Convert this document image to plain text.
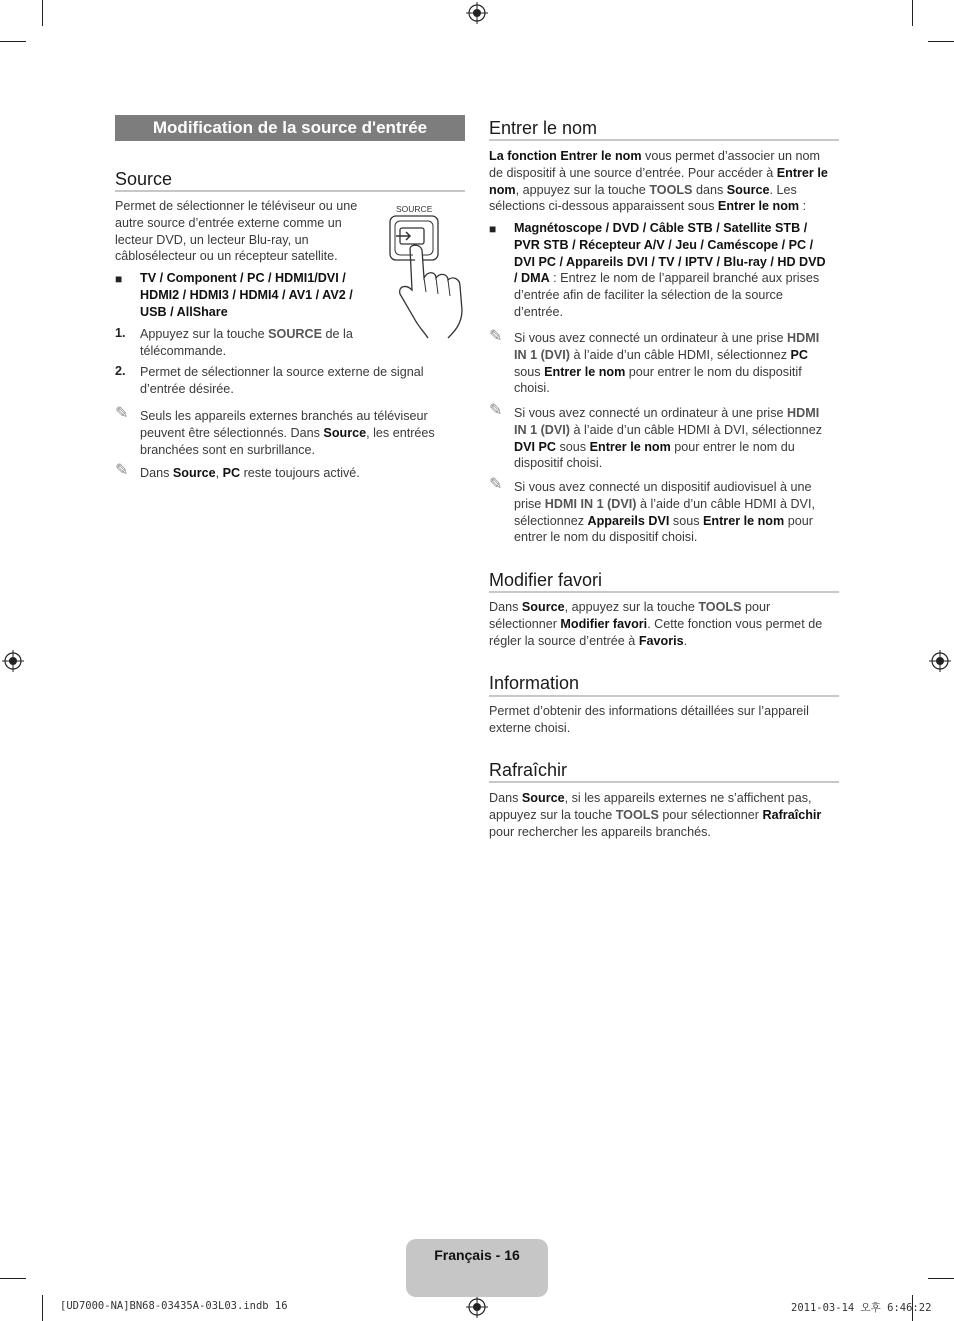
Modification de la source d'entrée
Source
Permet de sélectionner le téléviseur ou une autre source d’entrée externe comme un lecteur DVD, un lecteur Blu-ray, un câblosélecteur ou un récepteur satellite.
SOURCE
■ TV / Component / PC / HDMI1/DVI / HDMI2 / HDMI3 / HDMI4 / AV1 / AV2 / USB / AllShare
1. Appuyez sur la touche SOURCE de la télécommande.
2. Permet de sélectionner la source externe de signal d’entrée désirée.
✎ Seuls les appareils externes branchés au téléviseur peuvent être sélectionnés. Dans Source, les entrées branchées sont en surbrillance.
✎ Dans Source, PC reste toujours activé.
Entrer le nom
La fonction Entrer le nom vous permet d’associer un nom de dispositif à une source d’entrée. Pour accéder à Entrer le nom, appuyez sur la touche TOOLS dans Source. Les sélections ci-dessous apparaissent sous Entrer le nom :
■ Magnétoscope / DVD / Câble STB / Satellite STB / PVR STB / Récepteur A/V / Jeu / Caméscope / PC / DVI PC / Appareils DVI / TV / IPTV / Blu-ray / HD DVD / DMA : Entrez le nom de l’appareil branché aux prises d’entrée afin de faciliter la sélection de la source d’entrée.
✎ Si vous avez connecté un ordinateur à une prise HDMI IN 1 (DVI) à l’aide d’un câble HDMI, sélectionnez PC sous Entrer le nom pour entrer le nom du dispositif choisi.
✎ Si vous avez connecté un ordinateur à une prise HDMI IN 1 (DVI) à l’aide d’un câble HDMI à DVI, sélectionnez DVI PC sous Entrer le nom pour entrer le nom du dispositif choisi.
✎ Si vous avez connecté un dispositif audiovisuel à une prise HDMI IN 1 (DVI) à l’aide d’un câble HDMI à DVI, sélectionnez Appareils DVI sous Entrer le nom pour entrer le nom du dispositif choisi.
Modifier favori
Dans Source, appuyez sur la touche TOOLS pour sélectionner Modifier favori. Cette fonction vous permet de régler la source d’entrée à Favoris.
Information
Permet d’obtenir des informations détaillées sur l’appareil externe choisi.
Rafraîchir
Dans Source, si les appareils externes ne s’affichent pas, appuyez sur la touche TOOLS pour sélectionner Rafraîchir pour rechercher les appareils branchés.
Français - 16
[UD7000-NA]BN68-03435A-03L03.indb 16	2011-03-14 오후 6:46:22
